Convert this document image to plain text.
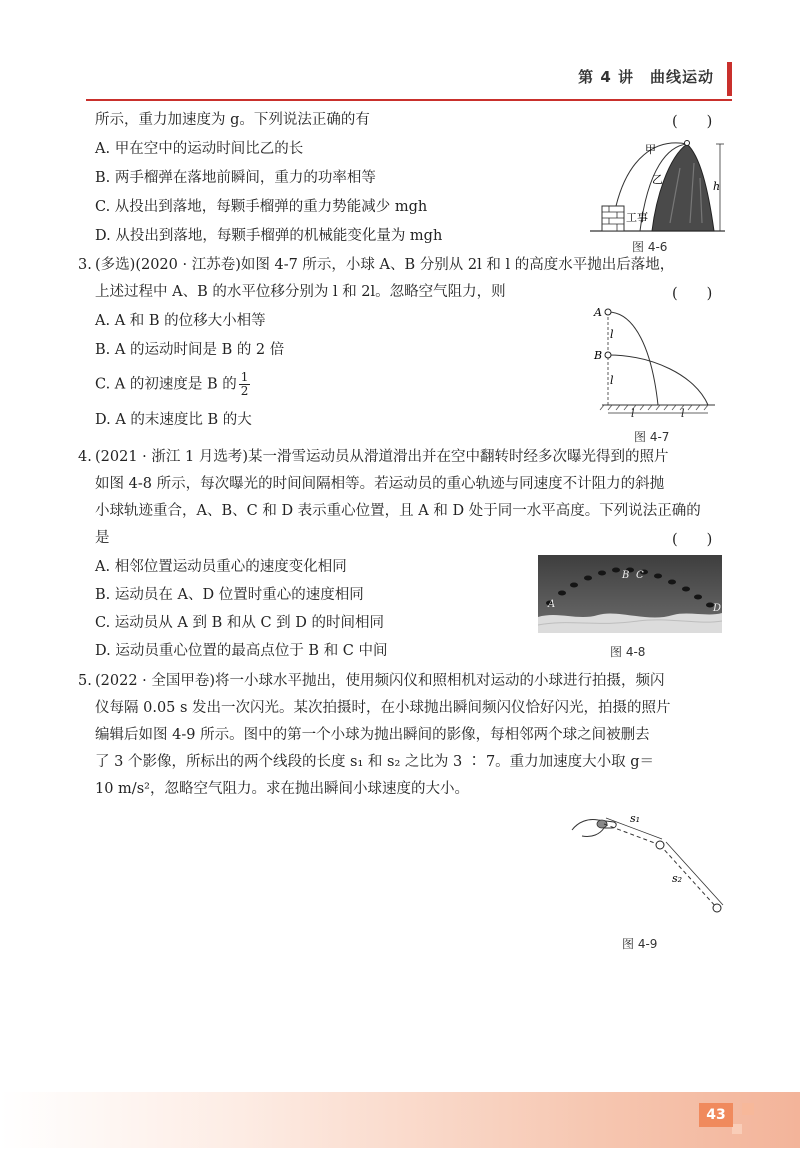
第 4 讲　曲线运动
所示，重力加速度为 g。下列说法正确的有	(　　)
A. 甲在空中的运动时间比乙的长
B. 两手榴弹在落地前瞬间，重力的功率相等
C. 从投出到落地，每颗手榴弹的重力势能减少 mgh
D. 从投出到落地，每颗手榴弹的机械能变化量为 mgh
甲
乙
h
工事
图 4-6
3. (多选)(2020 · 江苏卷)如图 4-7 所示，小球 A、B 分别从 2l 和 l 的高度水平抛出后落地，
上述过程中 A、B 的水平位移分别为 l 和 2l。忽略空气阻力，则	(　　)
A. A 和 B 的位移大小相等
B. A 的运动时间是 B 的 2 倍
C. A 的初速度是 B 的 $\frac{1}{2}$
D. A 的末速度比 B 的大
A
B
l
l
l	l
图 4-7
4. (2021 · 浙江 1 月选考)某一滑雪运动员从滑道滑出并在空中翻转时经多次曝光得到的照片
如图 4-8 所示，每次曝光的时间间隔相等。若运动员的重心轨迹与同速度不计阻力的斜抛
小球轨迹重合，A、B、C 和 D 表示重心位置，且 A 和 D 处于同一水平高度。下列说法正确的
是	(　　)
A. 相邻位置运动员重心的速度变化相同
B. 运动员在 A、D 位置时重心的速度相同
C. 运动员从 A 到 B 和从 C 到 D 的时间相同
D. 运动员重心位置的最高点位于 B 和 C 中间
A
B C
D
图 4-8
5. (2022 · 全国甲卷)将一小球水平抛出，使用频闪仪和照相机对运动的小球进行拍摄，频闪
仪每隔 0.05 s 发出一次闪光。某次拍摄时，在小球抛出瞬间频闪仪恰好闪光，拍摄的照片
编辑后如图 4-9 所示。图中的第一个小球为抛出瞬间的影像，每相邻两个球之间被删去
了 3 个影像，所标出的两个线段的长度 s₁ 和 s₂ 之比为 3 ∶ 7。重力加速度大小取 g＝
10 m/s²，忽略空气阻力。求在抛出瞬间小球速度的大小。
s₁
s₂
图 4-9
43
